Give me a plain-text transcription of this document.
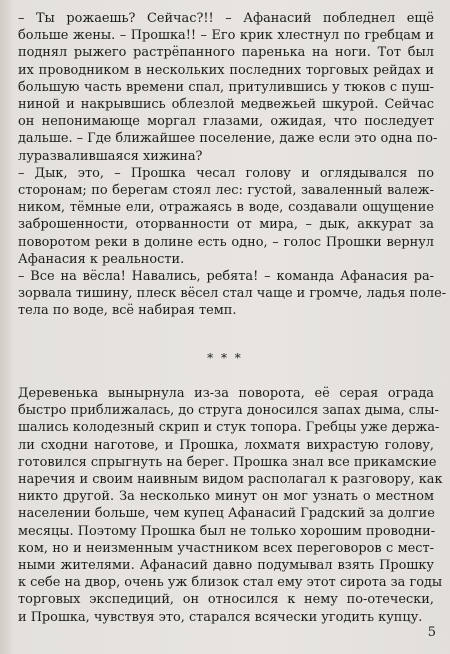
– Ты рожаешь? Сейчас?!! – Афанасий побледнел ещё
больше жены. – Прошка!! – Его крик хлестнул по гребцам и
поднял рыжего растрёпанного паренька на ноги. Тот был
их проводником в нескольких последних торговых рейдах и
большую часть времени спал, притулившись у тюков с пуш-
ниной и накрывшись облезлой медвежьей шкурой. Сейчас
он непонимающе моргал глазами, ожидая, что последует
дальше. – Где ближайшее поселение, даже если это одна по-
луразвалившаяся хижина?
– Дык, это, – Прошка чесал голову и оглядывался по
сторонам; по берегам стоял лес: густой, заваленный валеж-
ником, тёмные ели, отражаясь в воде, создавали ощущение
заброшенности, оторванности от мира, – дык, аккурат за
поворотом реки в долине есть одно, – голос Прошки вернул
Афанасия к реальности.
– Все на вёсла! Навались, ребята! – команда Афанасия ра-
зорвала тишину, плеск вёсел стал чаще и громче, ладья поле-
тела по воде, всё набирая темп.
* * *
Деревенька вынырнула из-за поворота, её серая ограда
быстро приближалась, до струга доносился запах дыма, слы-
шались колодезный скрип и стук топора. Гребцы уже держа-
ли сходни наготове, и Прошка, лохматя вихрастую голову,
готовился спрыгнуть на берег. Прошка знал все прикамские
наречия и своим наивным видом располагал к разговору, как
никто другой. За несколько минут он мог узнать о местном
населении больше, чем купец Афанасий Градский за долгие
месяцы. Поэтому Прошка был не только хорошим проводни-
ком, но и неизменным участником всех переговоров с мест-
ными жителями. Афанасий давно подумывал взять Прошку
к себе на двор, очень уж близок стал ему этот сирота за годы
торговых экспедиций, он относился к нему по-отечески,
и Прошка, чувствуя это, старался всячески угодить купцу.
5
